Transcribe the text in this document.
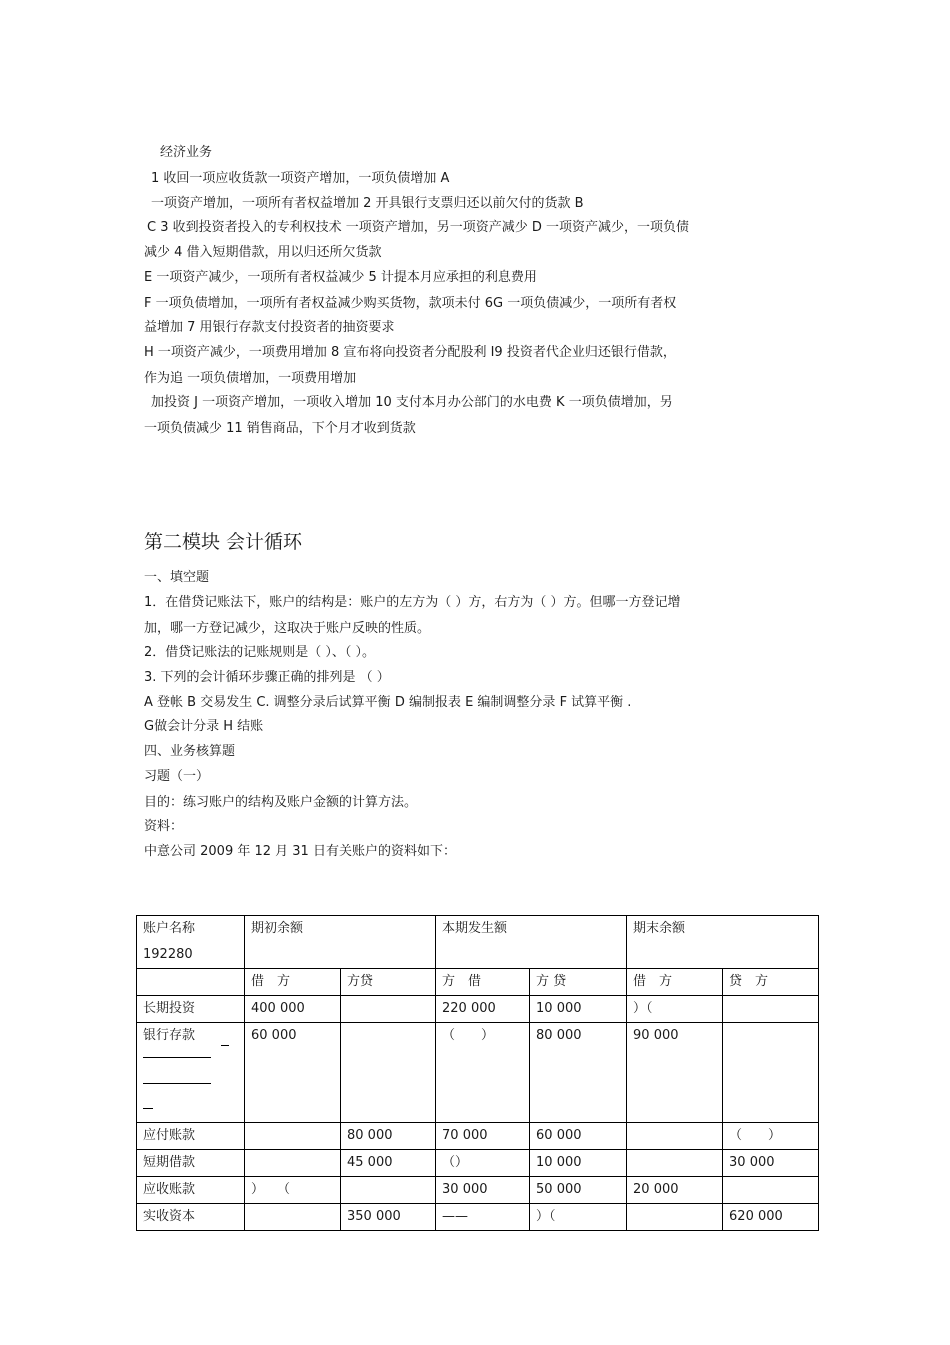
经济业务
1 收回一项应收货款一项资产增加，一项负债增加 A
一项资产增加，一项所有者权益增加 2 开具银行支票归还以前欠付的货款 B
C 3 收到投资者投入的专利权技术 一项资产增加，另一项资产减少 D 一项资产减少，一项负债
减少 4 借入短期借款，用以归还所欠货款
E 一项资产减少，一项所有者权益减少 5 计提本月应承担的利息费用
F 一项负债增加，一项所有者权益减少购买货物，款项未付 6G 一项负债减少，一项所有者权
益增加 7 用银行存款支付投资者的抽资要求
H 一项资产减少，一项费用增加 8 宣布将向投资者分配股利 I9 投资者代企业归还银行借款，
作为追 一项负债增加，一项费用增加
加投资 J 一项资产增加，一项收入增加 10 支付本月办公部门的水电费 K 一项负债增加，另
一项负债减少 11 销售商品，下个月才收到货款
第二模块 会计循环
一、填空题
1．在借贷记账法下，账户的结构是：账户的左方为（ ）方，右方为（ ）方。但哪一方登记增
加，哪一方登记减少，这取决于账户反映的性质。
2．借贷记账法的记账规则是（ ）、（ ）。
3. 下列的会计循环步骤正确的排列是 （ ）
A 登帐 B 交易发生 C. 调整分录后试算平衡 D 编制报表 E 编制调整分录 F 试算平衡 .
G做会计分录 H 结账
四、业务核算题
习题（一）
目的：练习账户的结构及账户金额的计算方法。
资料：
中意公司 2009 年 12 月 31 日有关账户的资料如下：
账户名称
192280	期初余额		本期发生额		期末余额	
	借　方	方贷	方　借	方 贷	借　方	贷　方
长期投资	400 000		220 000	10 000	）（	
银行存款	60 000		（　　）	80 000	90 000	
应付账款		80 000	70 000	60 000		（　　）
短期借款		45 000	（）	10 000		30 000
应收账款	）　　（		30 000	50 000	20 000	
实收资本		350 000	——	）（		620 000
